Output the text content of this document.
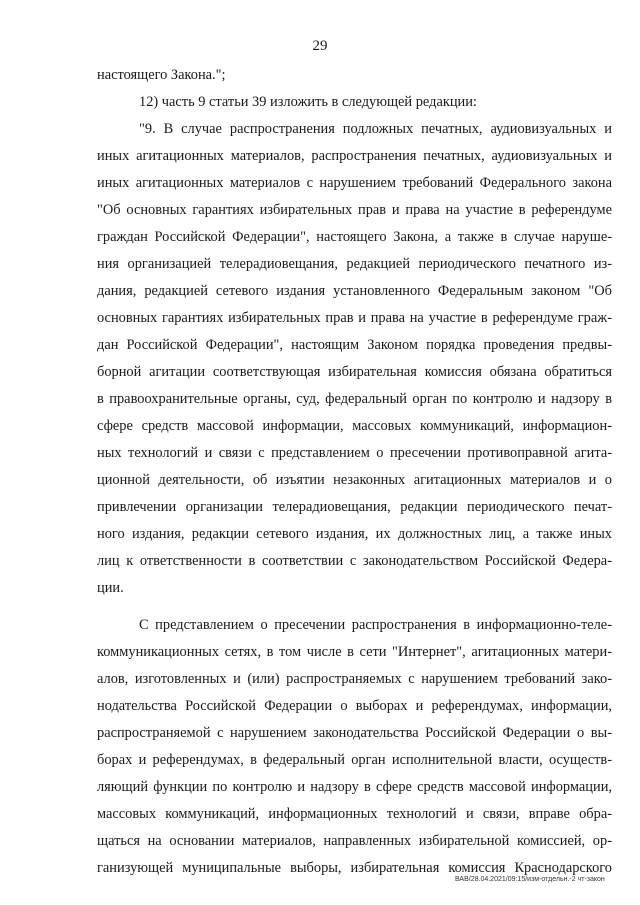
29
настоящего Закона.";
12) часть 9 статьи 39 изложить в следующей редакции:
"9. В случае распространения подложных печатных, аудиовизуальных и
иных агитационных материалов, распространения печатных, аудиовизуальных и
иных агитационных материалов с нарушением требований Федерального закона
"Об основных гарантиях избирательных прав и права на участие в референдуме
граждан Российской Федерации", настоящего Закона, а также в случае наруше-
ния организацией телерадиовещания, редакцией периодического печатного из-
дания, редакцией сетевого издания установленного Федеральным законом "Об
основных гарантиях избирательных прав и права на участие в референдуме граж-
дан Российской Федерации", настоящим Законом порядка проведения предвы-
борной агитации соответствующая избирательная комиссия обязана обратиться
в правоохранительные органы, суд, федеральный орган по контролю и надзору в
сфере средств массовой информации, массовых коммуникаций, информацион-
ных технологий и связи с представлением о пресечении противоправной агита-
ционной деятельности, об изъятии незаконных агитационных материалов и о
привлечении организации телерадиовещания, редакции периодического печат-
ного издания, редакции сетевого издания, их должностных лиц, а также иных
лиц к ответственности в соответствии с законодательством Российской Федера-
ции.
С представлением о пресечении распространения в информационно-теле-
коммуникационных сетях, в том числе в сети "Интернет", агитационных матери-
алов, изготовленных и (или) распространяемых с нарушением требований зако-
нодательства Российской Федерации о выборах и референдумах, информации,
распространяемой с нарушением законодательства Российской Федерации о вы-
борах и референдумах, в федеральный орган исполнительной власти, осуществ-
ляющий функции по контролю и надзору в сфере средств массовой информации,
массовых коммуникаций, информационных технологий и связи, вправе обра-
щаться на основании материалов, направленных избирательной комиссией, ор-
ганизующей муниципальные выборы, избирательная комиссия Краснодарского
ВАВ/28.04.2021/09:15/изм-отдельн.-2 чт-закон
